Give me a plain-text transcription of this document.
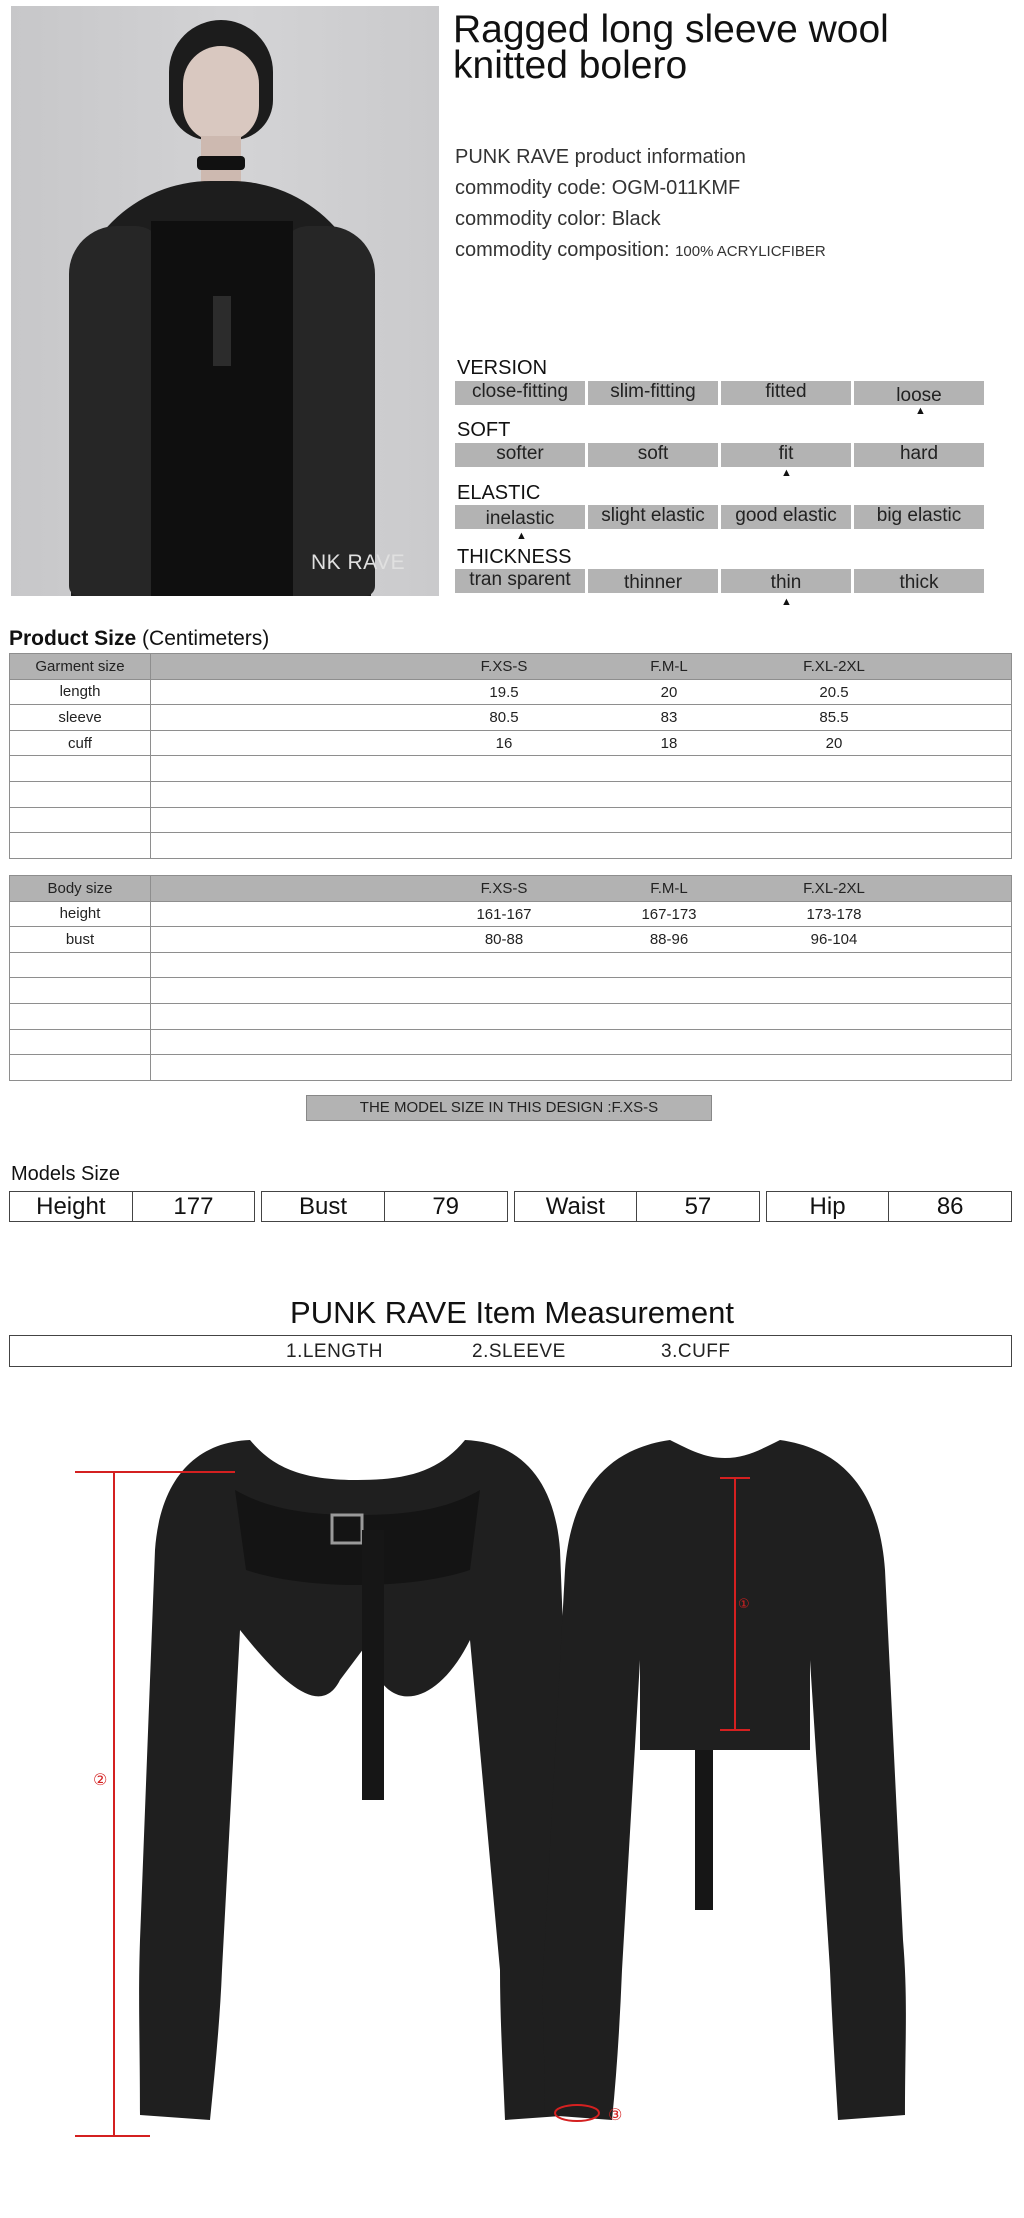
NK RAVE
Ragged long sleeve wool knitted bolero
PUNK RAVE product information
commodity code: OGM-011KMF
commodity color: Black
commodity composition: 100% ACRYLICFIBER
VERSION
close-fitting	slim-fitting	fitted	loose
▲
SOFT
softer	soft	fit	hard
▲
ELASTIC
inelastic	slight elastic	good elastic	big elastic
▲
THICKNESS
tran sparent	thinner	thin	thick
▲
Product Size (Centimeters)
Garment size	F.XS-S F.M-L F.XL-2XL

length	19.5 20 20.5

sleeve	80.5 83 85.5

cuff	16 18 20

Body size	F.XS-S F.M-L F.XL-2XL

height	161-167 167-173 173-178

bust	80-88 88-96 96-104

THE MODEL SIZE IN THIS DESIGN :F.XS-S
Models Size
Height	177	Bust	79	Waist	57	Hip	86
PUNK RAVE Item Measurement
1.LENGTH	2.SLEEVE	3.CUFF
②
①
③
